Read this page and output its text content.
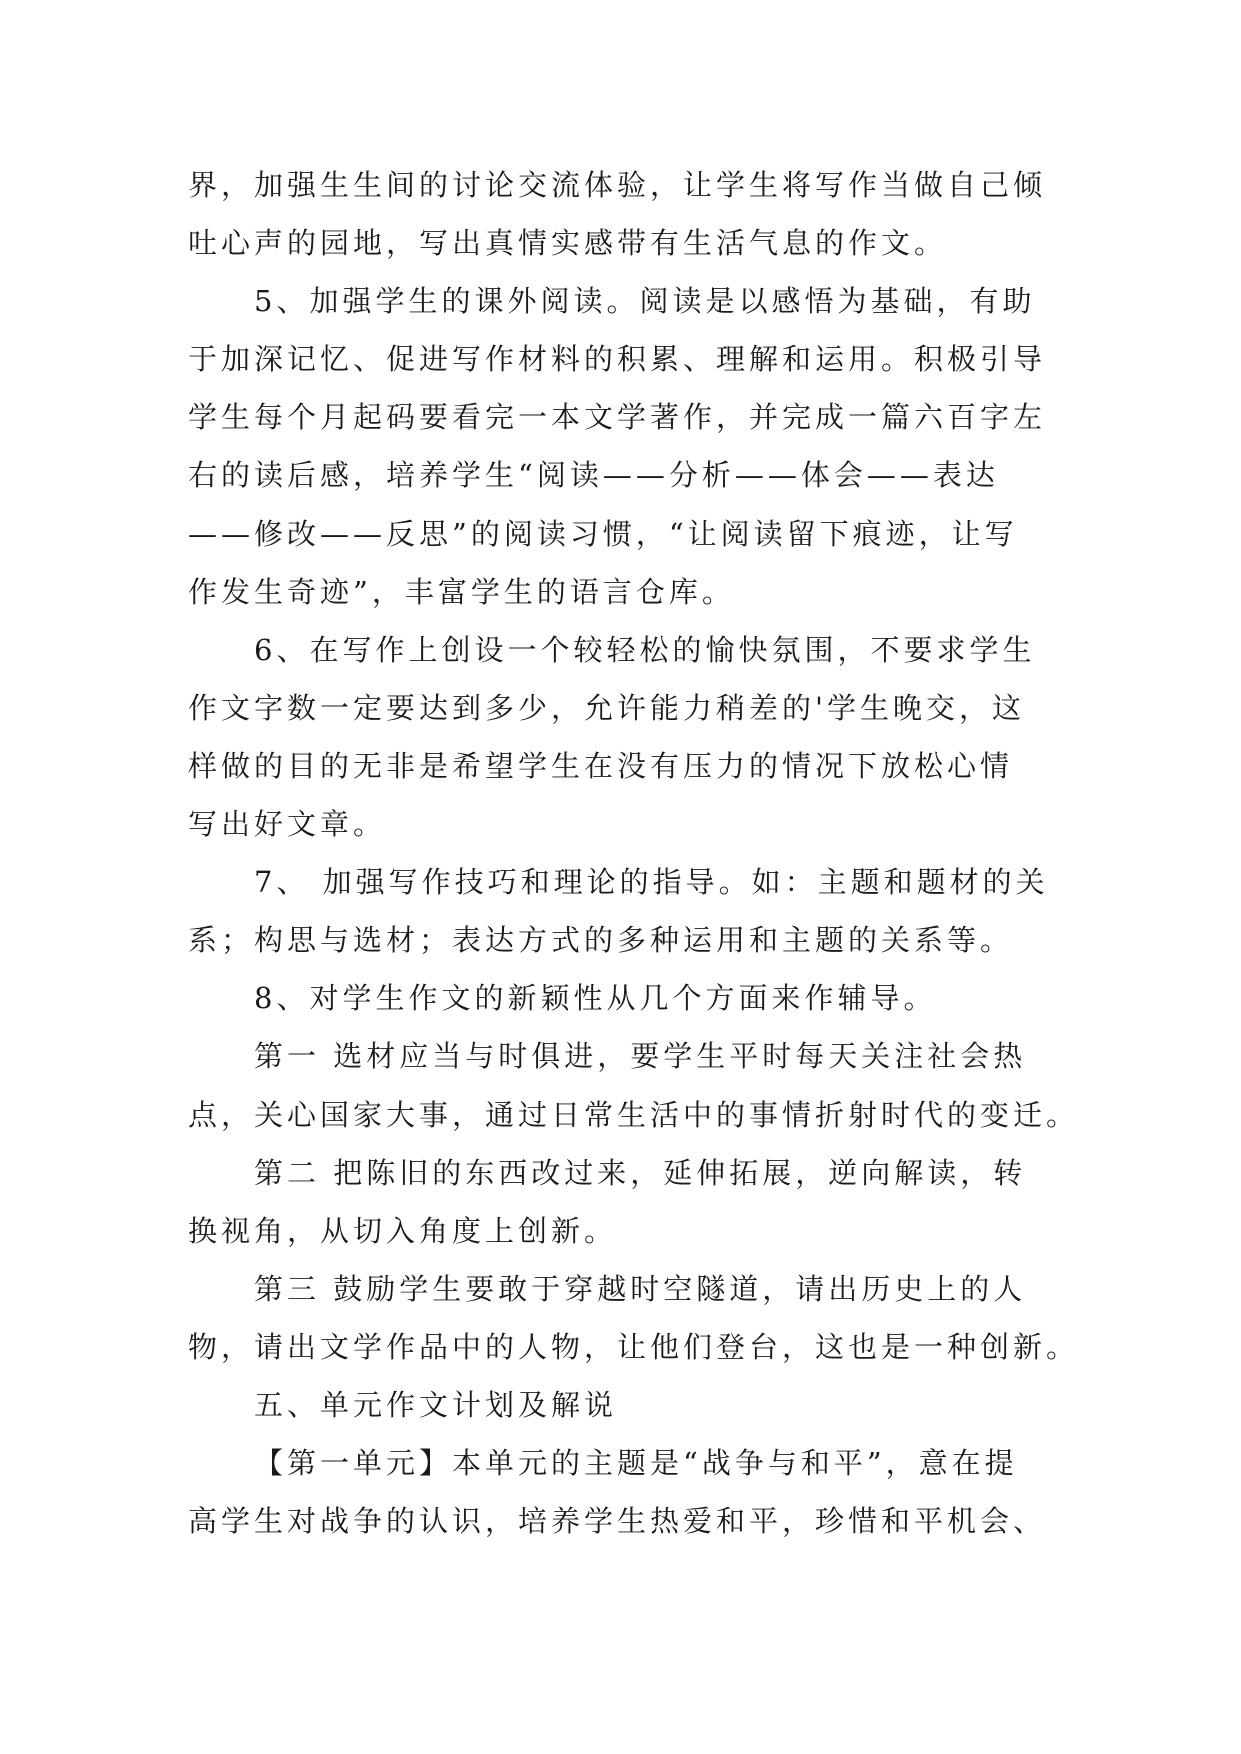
界，加强生生间的讨论交流体验，让学生将写作当做自己倾
吐心声的园地，写出真情实感带有生活气息的作文。
5、加强学生的课外阅读。阅读是以感悟为基础，有助
于加深记忆、促进写作材料的积累、理解和运用。积极引导
学生每个月起码要看完一本文学著作，并完成一篇六百字左
右的读后感，培养学生“阅读——分析——体会——表达
——修改——反思”的阅读习惯，“让阅读留下痕迹，让写
作发生奇迹”，丰富学生的语言仓库。
6、在写作上创设一个较轻松的愉快氛围，不要求学生
作文字数一定要达到多少，允许能力稍差的'学生晚交，这
样做的目的无非是希望学生在没有压力的情况下放松心情
写出好文章。
7、 加强写作技巧和理论的指导。如：主题和题材的关
系；构思与选材；表达方式的多种运用和主题的关系等。
8、对学生作文的新颖性从几个方面来作辅导。
第一 选材应当与时俱进，要学生平时每天关注社会热
点，关心国家大事，通过日常生活中的事情折射时代的变迁。
第二 把陈旧的东西改过来，延伸拓展，逆向解读，转
换视角，从切入角度上创新。
第三 鼓励学生要敢于穿越时空隧道，请出历史上的人
物，请出文学作品中的人物，让他们登台，这也是一种创新。
五、单元作文计划及解说
【第一单元】本单元的主题是“战争与和平”，意在提
高学生对战争的认识，培养学生热爱和平，珍惜和平机会、
